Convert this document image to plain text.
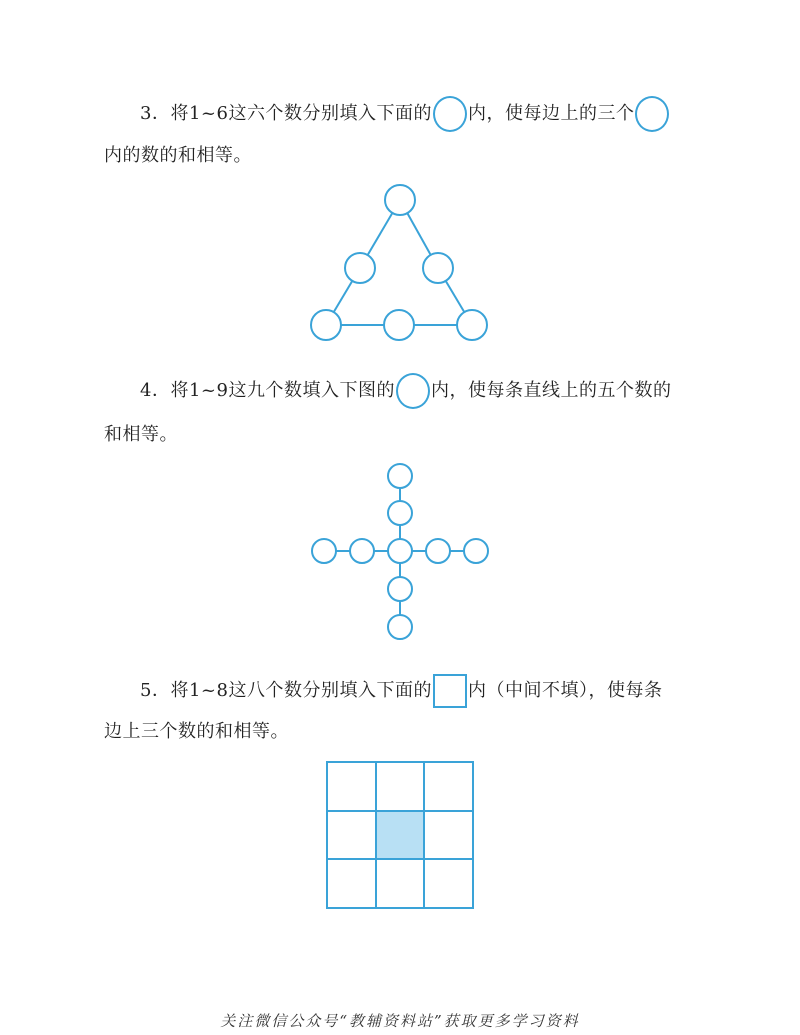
3．将1~6这六个数分别填入下面的 内，使每边上的三个
内的数的和相等。
4．将1~9这九个数填入下图的 内，使每条直线上的五个数的
和相等。
5．将1~8这八个数分别填入下面的 内（中间不填），使每条
边上三个数的和相等。
关注微信公众号“教辅资料站”获取更多学习资料
